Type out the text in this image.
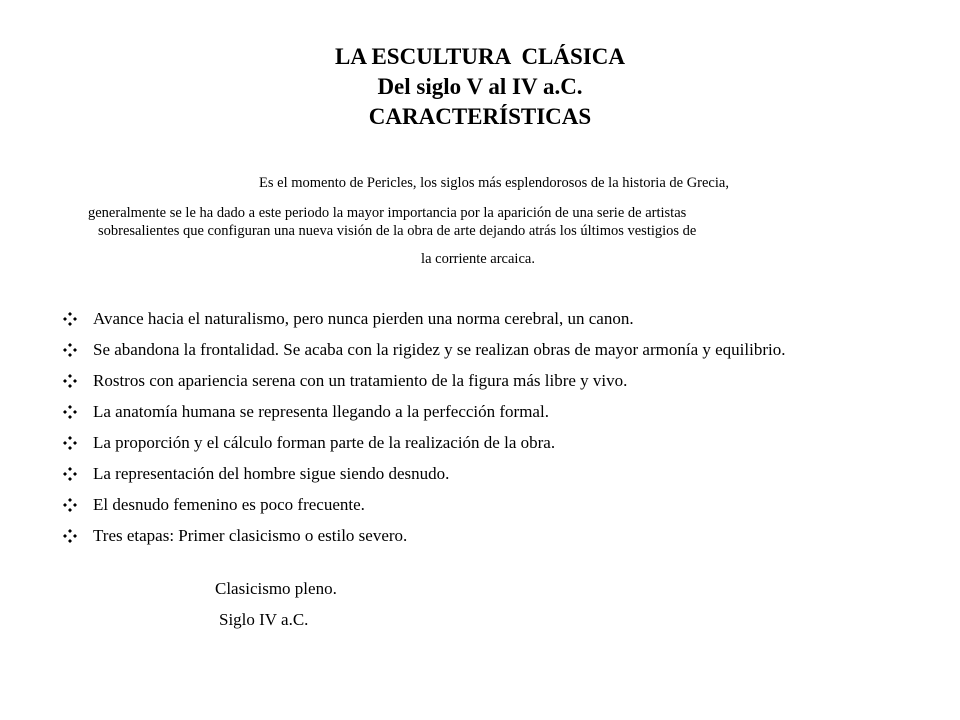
LA ESCULTURA  CLÁSICA
Del siglo V al IV a.C.
CARACTERÍSTICAS
Es el momento de Pericles, los siglos más esplendorosos de la historia de Grecia,
generalmente se le ha dado a este periodo la mayor importancia por la aparición de una serie de artistas
sobresalientes que configuran una nueva visión de la obra de arte dejando atrás los últimos vestigios de
la corriente arcaica.
Avance hacia el naturalismo, pero nunca pierden una norma cerebral, un canon.
Se abandona la frontalidad. Se acaba con la rigidez y se realizan obras de mayor armonía y equilibrio.
Rostros con apariencia serena con un tratamiento de la figura más libre y vivo.
La anatomía humana se representa llegando a la perfección formal.
La proporción y el cálculo forman parte de la realización de la obra.
La representación del hombre sigue siendo desnudo.
El desnudo femenino es poco frecuente.
Tres etapas: Primer clasicismo o estilo severo.
Clasicismo pleno.
Siglo IV a.C.
